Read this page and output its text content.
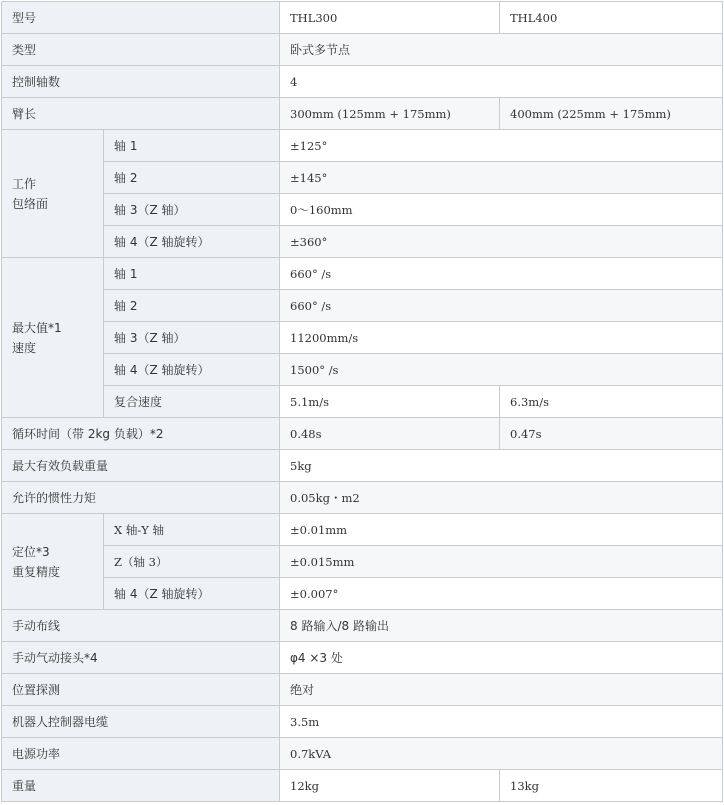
型号		THL300	THL400
类型		卧式多节点	
控制轴数		4	
臂长		300mm (125mm + 175mm)	400mm (225mm + 175mm)

工作
包络面	轴 1	±125°	
	轴 2	±145°	
	轴 3（Z 轴）	0～160mm	
	轴 4（Z 轴旋转）	±360°	

最大值*1
速度	轴 1	660° /s	
	轴 2	660° /s	
	轴 3（Z 轴）	11200mm/s	
	轴 4（Z 轴旋转）	1500° /s	
	复合速度	5.1m/s	6.3m/s
循环时间（带 2kg 负载）*2		0.48s	0.47s
最大有效负载重量		5kg	
允许的惯性力矩		0.05kg・m2	

定位*3
重复精度	X 轴-Y 轴	±0.01mm	
	Z（轴 3）	±0.015mm	
	轴 4（Z 轴旋转）	±0.007°	
手动布线		8 路输入/8 路输出	
手动气动接头*4		φ4 ×3 处	
位置探测		绝对	
机器人控制器电缆		3.5m	
电源功率		0.7kVA	
重量		12kg	13kg
